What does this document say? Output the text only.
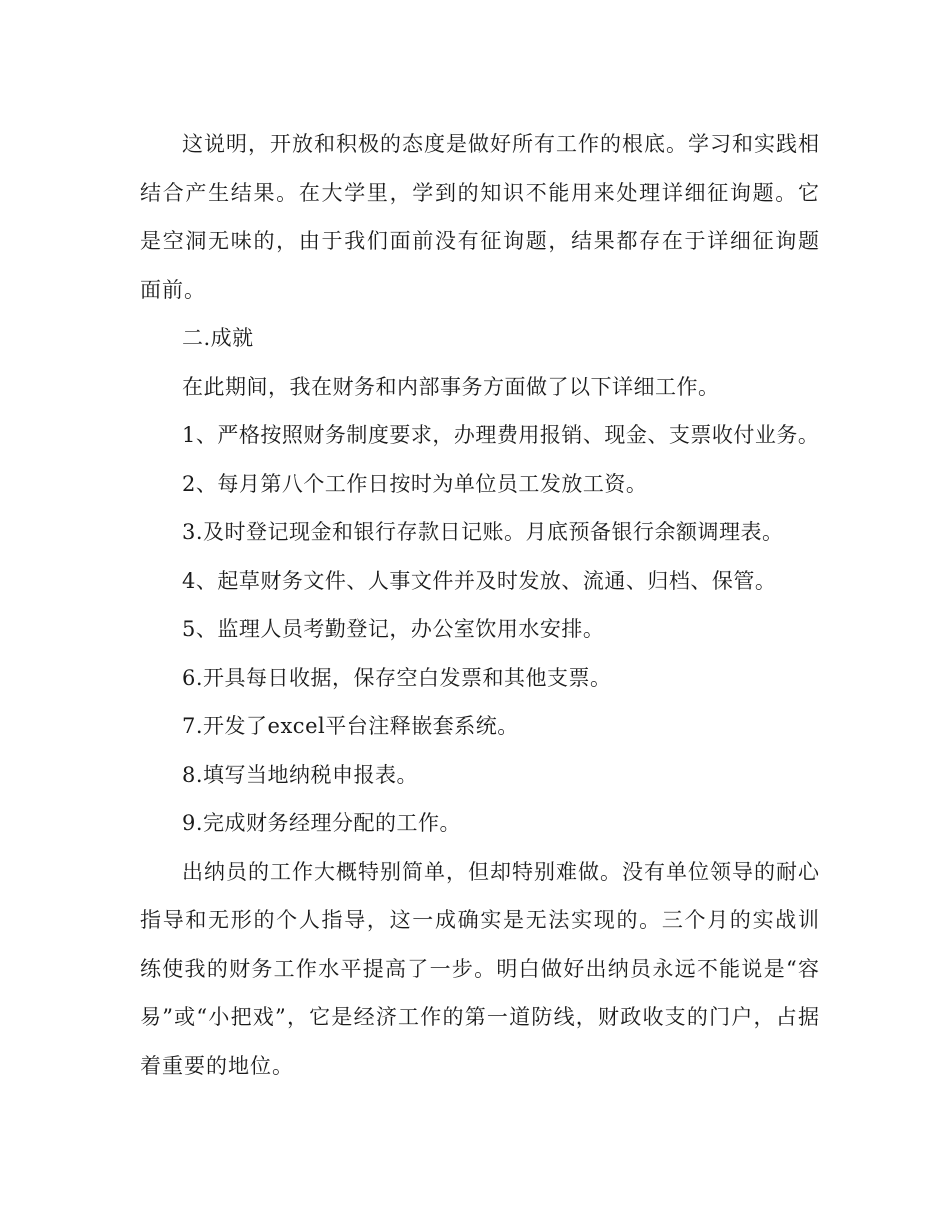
这说明，开放和积极的态度是做好所有工作的根底。学习和实践相结合产生结果。在大学里，学到的知识不能用来处理详细征询题。它是空洞无味的，由于我们面前没有征询题，结果都存在于详细征询题面前。

二.成就

在此期间，我在财务和内部事务方面做了以下详细工作。

1、严格按照财务制度要求，办理费用报销、现金、支票收付业务。

2、每月第八个工作日按时为单位员工发放工资。

3.及时登记现金和银行存款日记账。月底预备银行余额调理表。

4、起草财务文件、人事文件并及时发放、流通、归档、保管。

5、监理人员考勤登记，办公室饮用水安排。

6.开具每日收据，保存空白发票和其他支票。

7.开发了excel平台注释嵌套系统。

8.填写当地纳税申报表。

9.完成财务经理分配的工作。

出纳员的工作大概特别简单，但却特别难做。没有单位领导的耐心指导和无形的个人指导，这一成确实是无法实现的。三个月的实战训练使我的财务工作水平提高了一步。明白做好出纳员永远不能说是“容易”或“小把戏”，它是经济工作的第一道防线，财政收支的门户，占据着重要的地位。
